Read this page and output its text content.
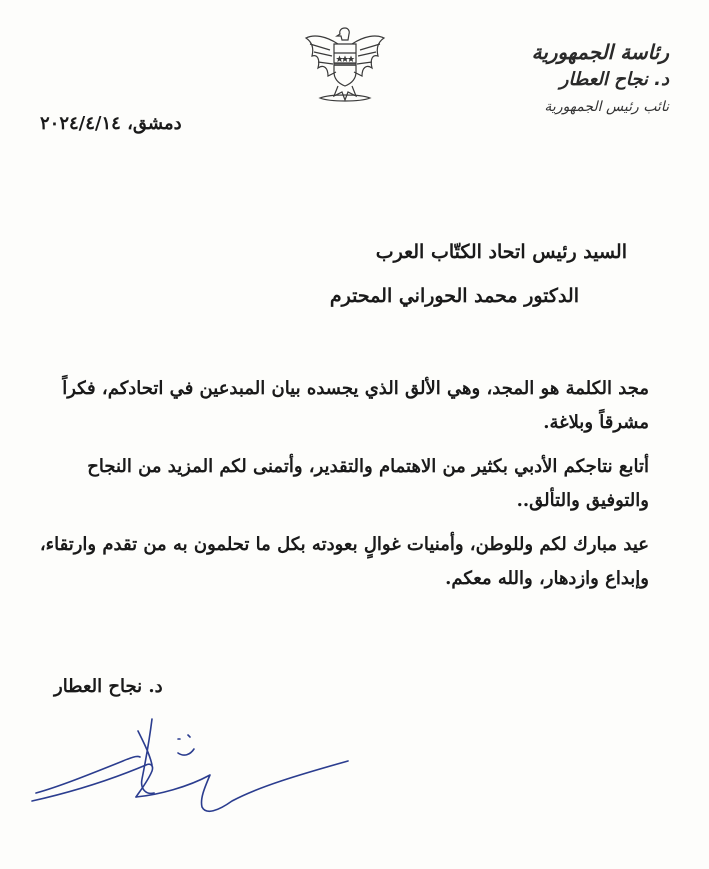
رئاسة الجمهورية
د. نجاح العطار
نائب رئيس الجمهورية
دمشق، ٢٠٢٤/٤/١٤
السيد رئيس اتحاد الكتّاب العرب
الدكتور محمد الحوراني المحترم
مجد الكلمة هو المجد، وهي الألق الذي يجسده بيان المبدعين في اتحادكم، فكراً مشرقاً وبلاغة.
أتابع نتاجكم الأدبي بكثير من الاهتمام والتقدير، وأتمنى لكم المزيد من النجاح والتوفيق والتألق..
عيد مبارك لكم وللوطن، وأمنيات غوالٍ بعودته بكل ما تحلمون به من تقدم وارتقاء، وإبداع وازدهار، والله معكم.
د. نجاح العطار
